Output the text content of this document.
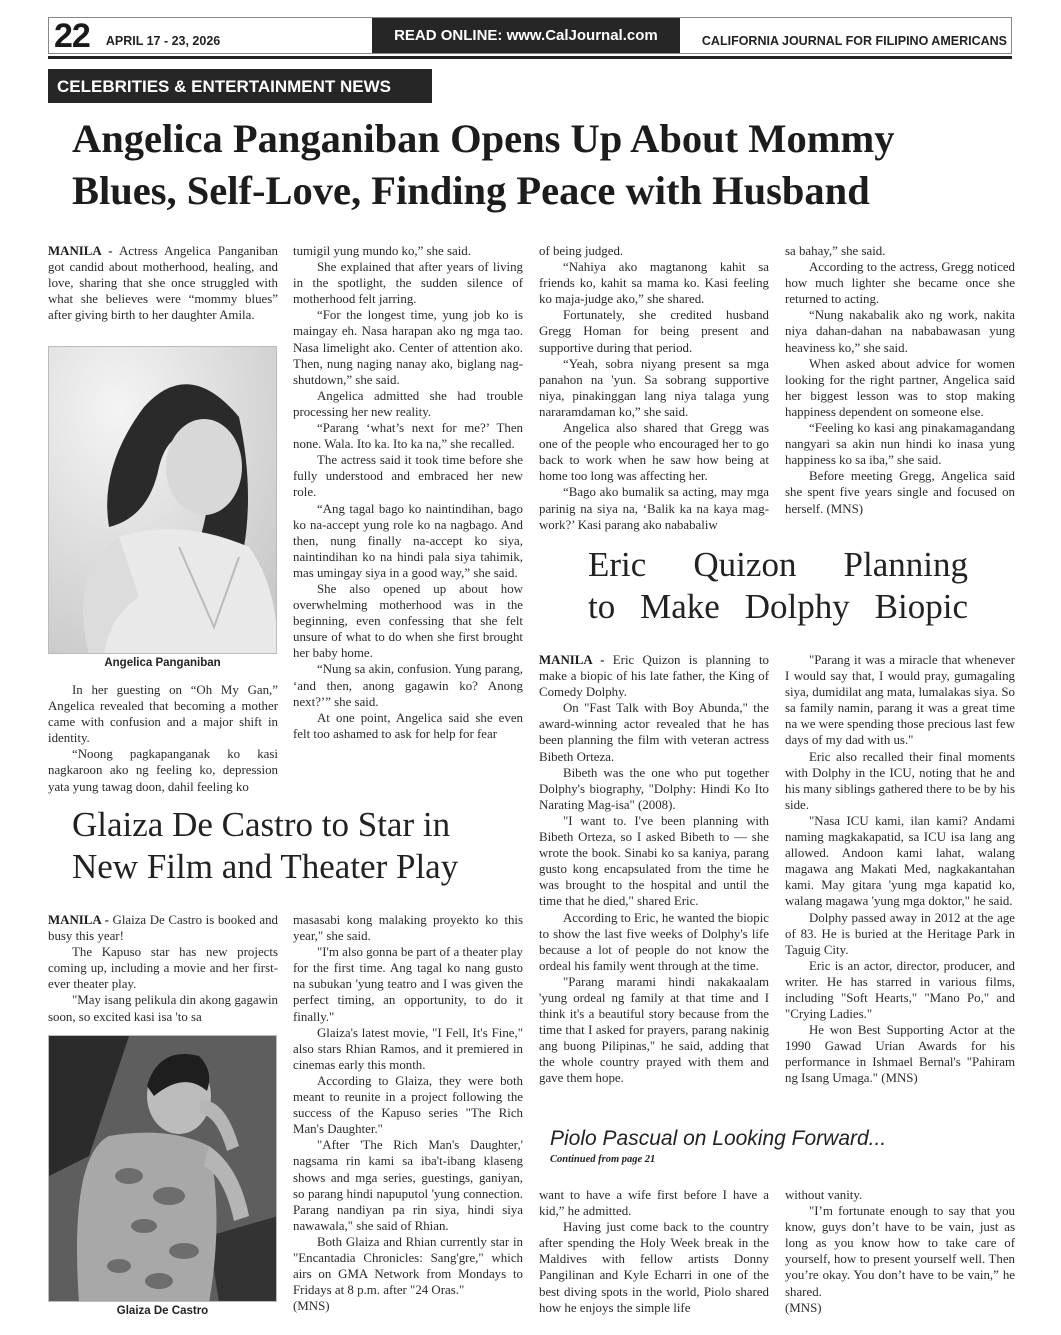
22	APRIL 17 - 23, 2026	READ ONLINE: www.CalJournal.com	CALIFORNIA JOURNAL FOR FILIPINO AMERICANS
CELEBRITIES & ENTERTAINMENT NEWS
Angelica Panganiban Opens Up About Mommy
Blues, Self-Love, Finding Peace with Husband

MANILA - Actress Angelica Panganiban got candid about motherhood, healing, and love, sharing that she once struggled with what she believes were “mommy blues” after giving birth to her daughter Amila.

Angelica Panganiban

In her guesting on “Oh My Gan,” Angelica revealed that becoming a mother came with confusion and a major shift in identity.

“Noong pagkapanganak ko kasi nagkaroon ako ng feeling ko, depression yata yung tawag doon, dahil feeling ko

tumigil yung mundo ko,” she said.

She explained that after years of living in the spotlight, the sudden silence of motherhood felt jarring.

“For the longest time, yung job ko is maingay eh. Nasa harapan ako ng mga tao. Nasa limelight ako. Center of attention ako. Then, nung naging nanay ako, biglang nag-shutdown,” she said.

Angelica admitted she had trouble processing her new reality.

“Parang ‘what’s next for me?’ Then none. Wala. Ito ka. Ito ka na,” she recalled.

The actress said it took time before she fully understood and embraced her new role.

“Ang tagal bago ko naintindihan, bago ko na-accept yung role ko na nagbago. And then, nung finally na-accept ko siya, naintindihan ko na hindi pala siya tahimik, mas umingay siya in a good way,” she said.

She also opened up about how overwhelming motherhood was in the beginning, even confessing that she felt unsure of what to do when she first brought her baby home.

“Nung sa akin, confusion. Yung parang, ‘and then, anong gagawin ko? Anong next?’” she said.

At one point, Angelica said she even felt too ashamed to ask for help for fear

of being judged.

“Nahiya ako magtanong kahit sa friends ko, kahit sa mama ko. Kasi feeling ko maja-judge ako,” she shared.

Fortunately, she credited husband Gregg Homan for being present and supportive during that period.

“Yeah, sobra niyang present sa mga panahon na 'yun. Sa sobrang supportive niya, pinakinggan lang niya talaga yung nararamdaman ko,” she said.

Angelica also shared that Gregg was one of the people who encouraged her to go back to work when he saw how being at home too long was affecting her.

“Bago ako bumalik sa acting, may mga parinig na siya na, ‘Balik ka na kaya mag-work?’ Kasi parang ako nababaliw

sa bahay,” she said.

According to the actress, Gregg noticed how much lighter she became once she returned to acting.

“Nung nakabalik ako ng work, nakita niya dahan-dahan na nababawasan yung heaviness ko,” she said.

When asked about advice for women looking for the right partner, Angelica said her biggest lesson was to stop making happiness dependent on someone else.

“Feeling ko kasi ang pinakamagandang nangyari sa akin nun hindi ko inasa yung happiness ko sa iba,” she said.

Before meeting Gregg, Angelica said she spent five years single and focused on herself. (MNS)

Eric Quizon Planning
to Make Dolphy Biopic

MANILA - Eric Quizon is planning to make a biopic of his late father, the King of Comedy Dolphy.

On "Fast Talk with Boy Abunda," the award-winning actor revealed that he has been planning the film with veteran actress Bibeth Orteza.

Bibeth was the one who put together Dolphy's biography, "Dolphy: Hindi Ko Ito Narating Mag-isa" (2008).

"I want to. I've been planning with Bibeth Orteza, so I asked Bibeth to — she wrote the book. Sinabi ko sa kaniya, parang gusto kong encapsulated from the time he was brought to the hospital and until the time that he died," shared Eric.

According to Eric, he wanted the biopic to show the last five weeks of Dolphy's life because a lot of people do not know the ordeal his family went through at the time.

"Parang marami hindi nakakaalam 'yung ordeal ng family at that time and I think it's a beautiful story because from the time that I asked for prayers, parang nakinig ang buong Pilipinas," he said, adding that the whole country prayed with them and gave them hope.

"Parang it was a miracle that whenever I would say that, I would pray, gumagaling siya, dumidilat ang mata, lumalakas siya. So sa family namin, parang it was a great time na we were spending those precious last few days of my dad with us."

Eric also recalled their final moments with Dolphy in the ICU, noting that he and his many siblings gathered there to be by his side.

"Nasa ICU kami, ilan kami? Andami naming magkakapatid, sa ICU isa lang ang allowed. Andoon kami lahat, walang magawa ang Makati Med, nagkakantahan kami. May gitara 'yung mga kapatid ko, walang magawa 'yung mga doktor," he said.

Dolphy passed away in 2012 at the age of 83. He is buried at the Heritage Park in Taguig City.

Eric is an actor, director, producer, and writer. He has starred in various films, including "Soft Hearts," "Mano Po," and "Crying Ladies."

He won Best Supporting Actor at the 1990 Gawad Urian Awards for his performance in Ishmael Bernal's "Pahiram ng Isang Umaga." (MNS)

Glaiza De Castro to Star in
New Film and Theater Play

MANILA - Glaiza De Castro is booked and busy this year!

The Kapuso star has new projects coming up, including a movie and her first-ever theater play.

"May isang pelikula din akong gagawin soon, so excited kasi isa 'to sa

Glaiza De Castro

masasabi kong malaking proyekto ko this year," she said.

"I'm also gonna be part of a theater play for the first time. Ang tagal ko nang gusto na subukan 'yung teatro and I was given the perfect timing, an opportunity, to do it finally."

Glaiza's latest movie, "I Fell, It's Fine," also stars Rhian Ramos, and it premiered in cinemas early this month.

According to Glaiza, they were both meant to reunite in a project following the success of the Kapuso series "The Rich Man's Daughter."

"After 'The Rich Man's Daughter,' nagsama rin kami sa iba't-ibang klaseng shows and mga series, guestings, ganiyan, so parang hindi napuputol 'yung connection. Parang nandiyan pa rin siya, hindi siya nawawala," she said of Rhian.

Both Glaiza and Rhian currently star in "Encantadia Chronicles: Sang'gre," which airs on GMA Network from Mondays to Fridays at 8 p.m. after "24 Oras."

(MNS)

Piolo Pascual on Looking Forward...
Continued from page 21

want to have a wife first before I have a kid,” he admitted.

Having just come back to the country after spending the Holy Week break in the Maldives with fellow artists Donny Pangilinan and Kyle Echarri in one of the best diving spots in the world, Piolo shared how he enjoys the simple life

without vanity.

"I’m fortunate enough to say that you know, guys don’t have to be vain, just as long as you know how to take care of yourself, how to present yourself well. Then you’re okay. You don’t have to be vain,” he shared.

(MNS)
